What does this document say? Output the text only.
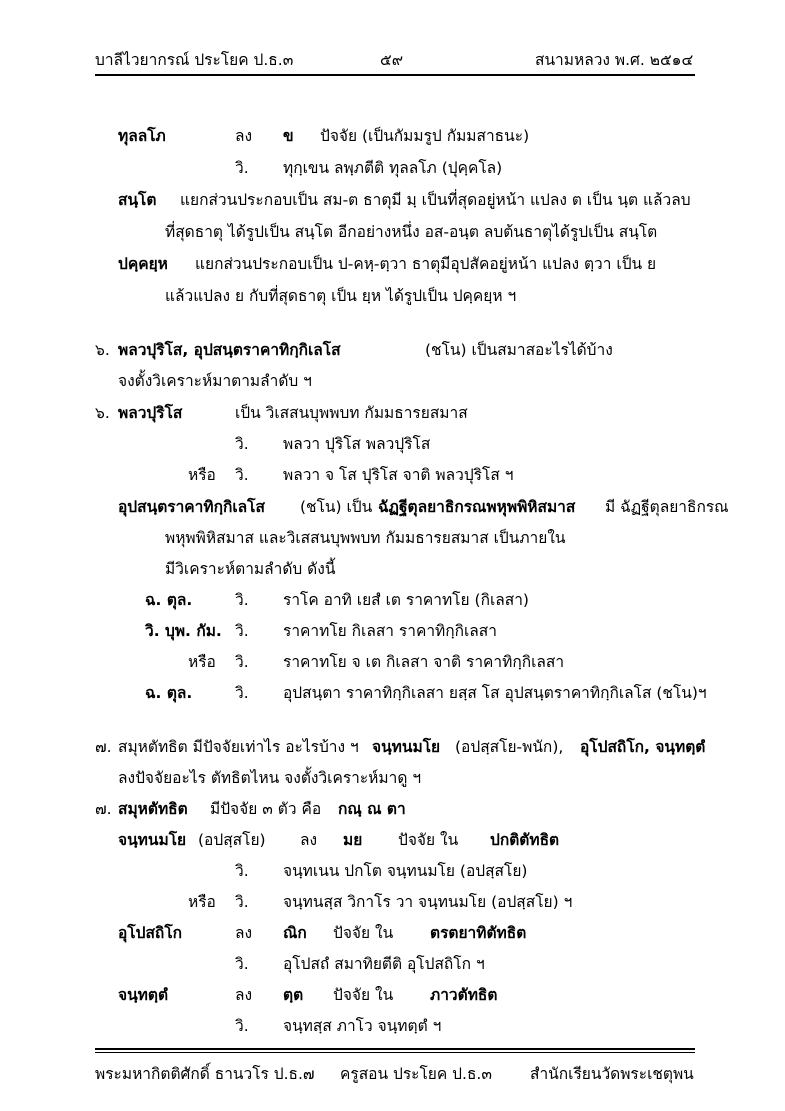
บาลีไวยากรณ์ ประโยค ป.ธ.๓	๕๙	สนามหลวง พ.ศ. ๒๕๑๔
ทุลลโภ	ลง ข ปัจจัย (เป็นกัมมรูป กัมมสาธนะ)
วิ. ทุกฺเขน ลพฺภตีติ ทุลลโภ (ปุคฺคโล)
สนฺโต แยกส่วนประกอบเป็น สม-ต ธาตุมี มฺ เป็นที่สุดอยู่หน้า แปลง ต เป็น นฺต แล้วลบ
ที่สุดธาตุ ได้รูปเป็น สนฺโต อีกอย่างหนึ่ง อส-อนฺต ลบต้นธาตุได้รูปเป็น สนฺโต
ปคฺคยฺห แยกส่วนประกอบเป็น ป-คหฺ-ตฺวา ธาตุมีอุปสัคอยู่หน้า แปลง ตฺวา เป็น ย
แล้วแปลง ย กับที่สุดธาตุ เป็น ยฺห ได้รูปเป็น ปคฺคยฺห ฯ
๖. พลวปุริโส, อุปสนฺตราคาทิกฺกิเลโส	(ชโน) เป็นสมาสอะไรได้บ้าง
จงตั้งวิเคราะห์มาตามลำดับ ฯ
๖. พลวปุริโส	เป็น วิเสสนบุพพบท กัมมธารยสมาส
วิ. พลวา ปุริโส พลวปุริโส
หรือ วิ. พลวา จ โส ปุริโส จาติ พลวปุริโส ฯ
อุปสนฺตราคาทิกฺกิเลโส (ชโน) เป็น ฉัฏฐีตุลยาธิกรณพหุพพิหิสมาส มี ฉัฏฐีตุลยาธิกรณ
พหุพพิหิสมาส และวิเสสนบุพพบท กัมมธารยสมาส เป็นภายใน
มีวิเคราะห์ตามลำดับ ดังนี้
ฉ. ตุล.	วิ. ราโค อาทิ เยสํ เต ราคาทโย (กิเลสา)
วิ. บุพ. กัม. วิ. ราคาทโย กิเลสา ราคาทิกฺกิเลสา
หรือ วิ. ราคาทโย จ เต กิเลสา จาติ ราคาทิกฺกิเลสา
ฉ. ตุล.	วิ. อุปสนฺตา ราคาทิกฺกิเลสา ยสฺส โส อุปสนฺตราคาทิกฺกิเลโส (ชโน)ฯ
๗. สมุหตัทธิต มีปัจจัยเท่าไร อะไรบ้าง ฯ จนฺทนมโย (อปสฺสโย-พนัก), อุโปสถิโก, จนฺทตฺตํ
ลงปัจจัยอะไร ตัทธิตไหน จงตั้งวิเคราะห์มาดู ฯ
๗. สมุหตัทธิต มีปัจจัย ๓ ตัว คือ กณฺ ณ ตา
จนฺทนมโย (อปสฺสโย) ลง มย ปัจจัย ใน ปกติตัทธิต
วิ. จนฺทเนน ปกโต จนฺทนมโย (อปสฺสโย)
หรือ วิ. จนฺทนสฺส วิกาโร วา จนฺทนมโย (อปสฺสโย) ฯ
อุโปสถิโก	ลง ณิก ปัจจัย ใน ตรตยาทิตัทธิต
วิ. อุโปสถํ สมาทิยตีติ อุโปสถิโก ฯ
จนฺทตฺตํ	ลง ตฺต ปัจจัย ใน ภาวตัทธิต
วิ. จนฺทสฺส ภาโว จนฺทตฺตํ ฯ
พระมหากิตติศักดิ์ ธานวโร ป.ธ.๗ ครูสอน ประโยค ป.ธ.๓ สำนักเรียนวัดพระเชตุพน
